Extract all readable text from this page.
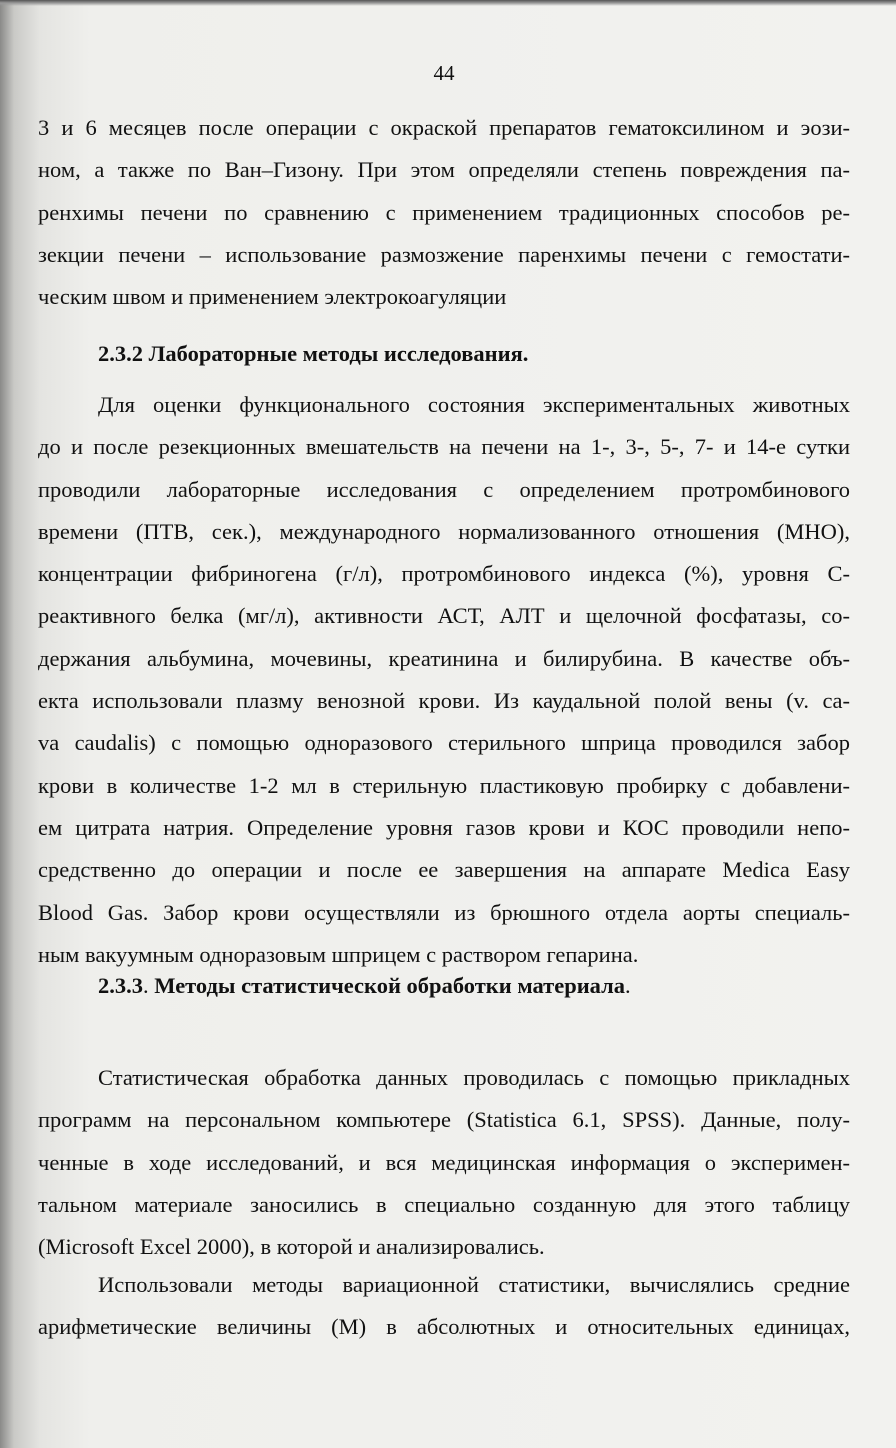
44
3 и 6 месяцев после операции с окраской препаратов гематоксилином и эози-
ном, а также по Ван–Гизону. При этом определяли степень повреждения па-
ренхимы печени по сравнению с применением традиционных способов ре-
зекции печени – использование размозжение паренхимы печени с гемостати-
ческим швом и применением электрокоагуляции
2.3.2 Лабораторные методы исследования.
Для оценки функционального состояния экспериментальных животных
до и после резекционных вмешательств на печени на 1-, 3-, 5-, 7- и 14-е сутки
проводили лабораторные исследования с определением протромбинового
времени (ПТВ, сек.), международного нормализованного отношения (МНО),
концентрации фибриногена (г/л), протромбинового индекса (%), уровня С-
реактивного белка (мг/л), активности АСТ, АЛТ и щелочной фосфатазы, со-
держания альбумина, мочевины, креатинина и билирубина. В качестве объ-
екта использовали плазму венозной крови. Из каудальной полой вены (v. ca-
va caudalis) с помощью одноразового стерильного шприца проводился забор
крови в количестве 1-2 мл в стерильную пластиковую пробирку с добавлени-
ем цитрата натрия. Определение уровня газов крови и КОС проводили непо-
средственно до операции и после ее завершения на аппарате Medica Easy
Blood Gas. Забор крови осуществляли из брюшного отдела аорты специаль-
ным вакуумным одноразовым шприцем с раствором гепарина.
2.3.3. Методы статистической обработки материала.
Статистическая обработка данных проводилась с помощью прикладных
программ на персональном компьютере (Statistica 6.1, SPSS). Данные, полу-
ченные в ходе исследований, и вся медицинская информация о эксперимен-
тальном материале заносились в специально созданную для этого таблицу
(Microsoft Excel 2000), в которой и анализировались.
Использовали методы вариационной статистики, вычислялись средние
арифметические величины (М) в абсолютных и относительных единицах,
